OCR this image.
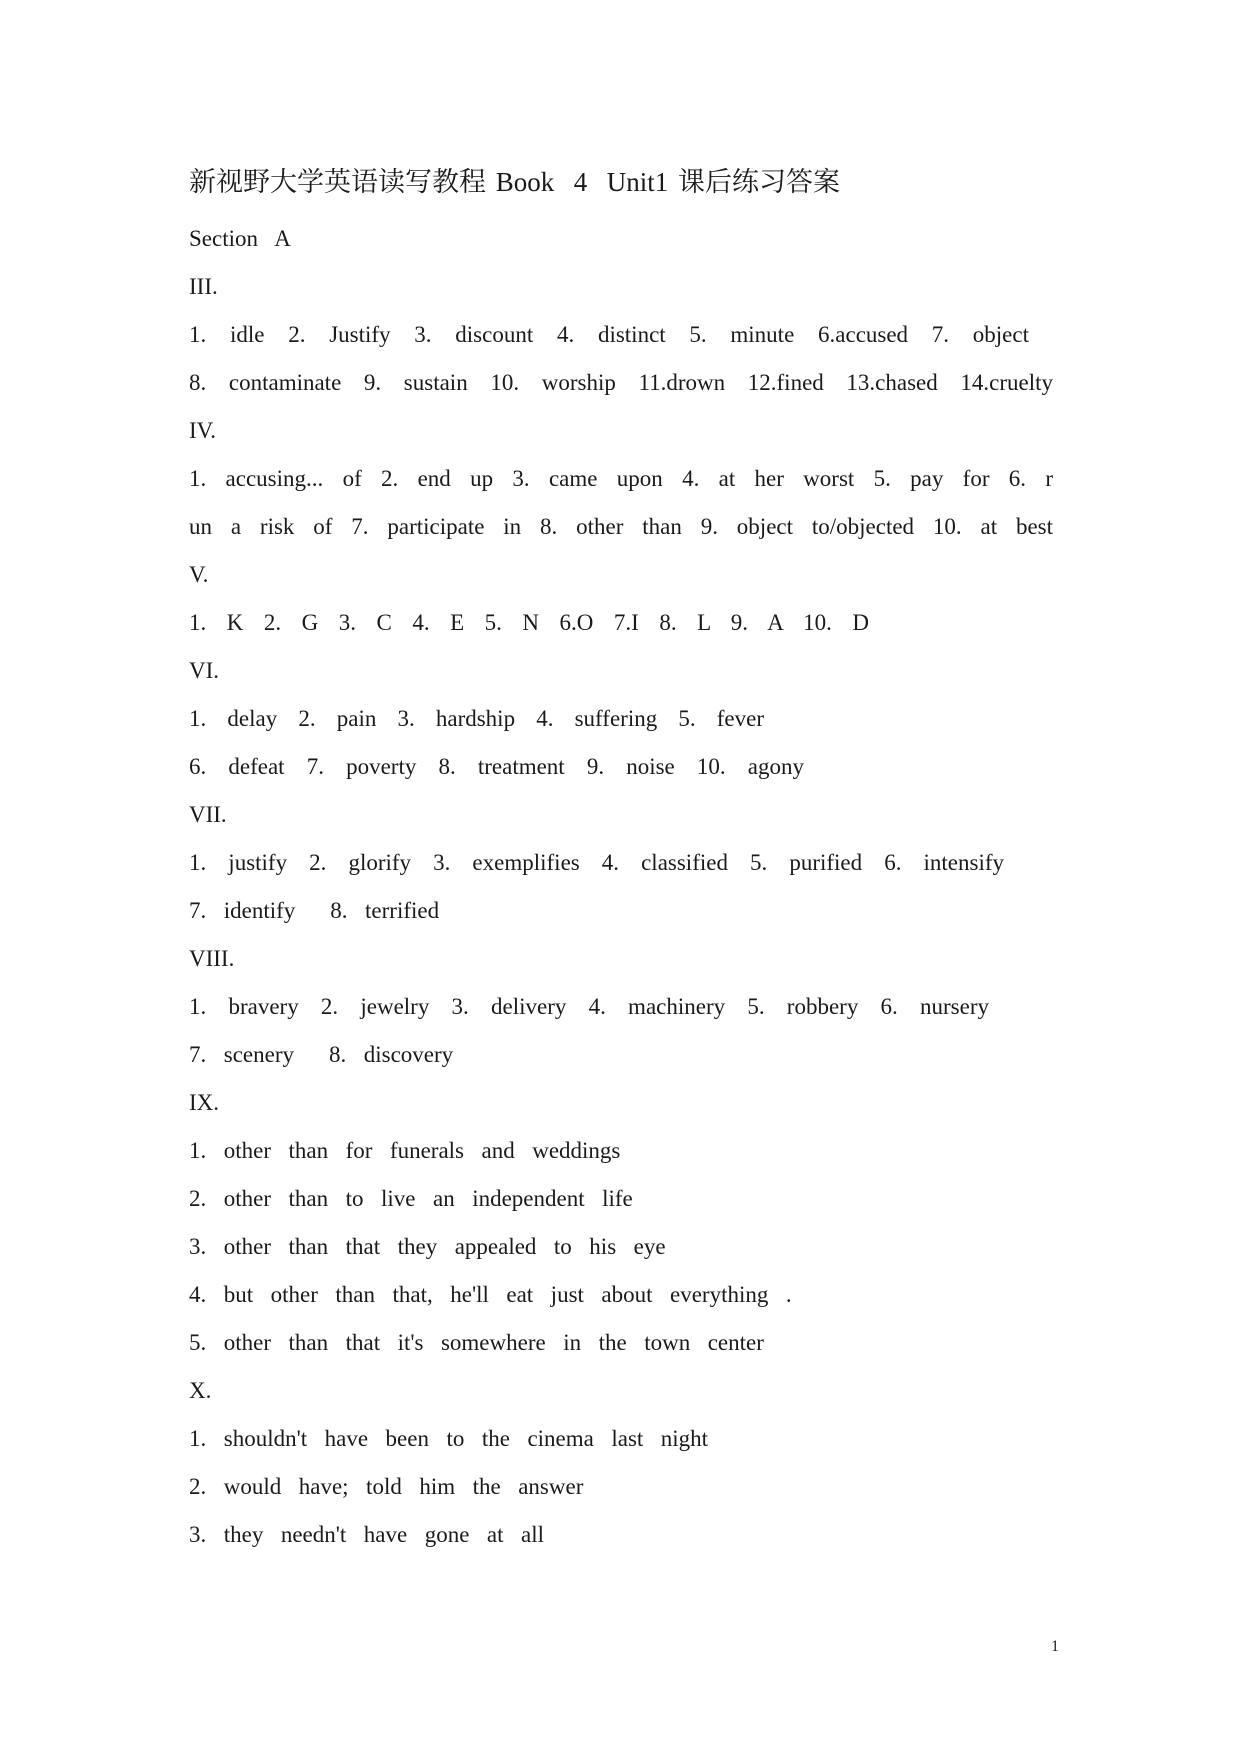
新视野大学英语读写教程 Book  4  Unit1 课后练习答案
Section  A
III.
1. idle 2. Justify 3. discount 4. distinct 5. minute 6.accused 7. object
8. contaminate 9. sustain 10. worship 11.drown 12.fined 13.chased 14.cruelty
IV.
1. accusing... of 2. end up 3. came upon 4. at her worst 5. pay for 6. r
un a risk of 7. participate in 8. other than 9. object to/objected 10. at best
V.
1. K 2. G 3. C 4. E 5. N 6.O 7.I 8. L 9. A 10. D
VI.
1. delay 2. pain 3. hardship 4. suffering 5. fever
6. defeat 7. poverty 8. treatment 9. noise 10. agony
VII.
1. justify 2. glorify 3. exemplifies 4. classified 5. purified 6. intensify
7.  identify    8.  terrified
VIII.
1. bravery 2. jewelry 3. delivery 4. machinery 5. robbery 6. nursery
7.  scenery    8.  discovery
IX.
1.  other  than  for  funerals  and  weddings
2.  other  than  to  live  an  independent  life
3.  other  than  that  they  appealed  to  his  eye
4.  but  other  than  that,  he'll  eat  just  about  everything  .
5.  other  than  that  it's  somewhere  in  the  town  center
X.
1.  shouldn't  have  been  to  the  cinema  last  night
2.  would  have;  told  him  the  answer
3.  they  needn't  have  gone  at  all
1
